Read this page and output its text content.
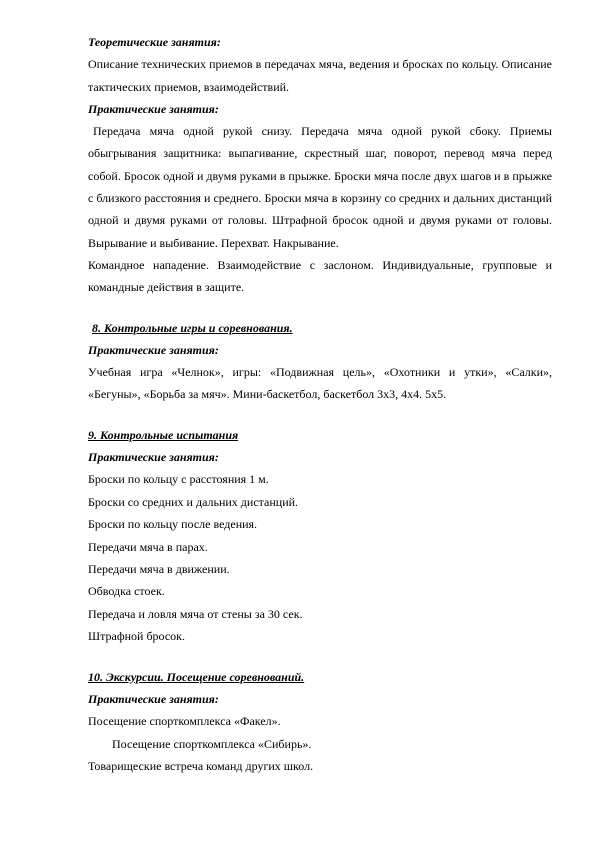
Теоретические занятия:

Описание технических приемов в передачах мяча, ведения и бросках по кольцу. Описание тактических приемов, взаимодействий.

Практические занятия:

Передача мяча одной рукой снизу. Передача мяча одной рукой сбоку. Приемы обыгрывания защитника: выпагивание, скрестный шаг, поворот, перевод мяча перед собой. Бросок одной и двумя руками в прыжке. Броски мяча после двух шагов и в прыжке с близкого расстояния и среднего. Броски мяча в корзину со средних и дальних дистанций одной и двумя руками от головы. Штрафной бросок одной и двумя руками от головы. Вырывание и выбивание. Перехват. Накрывание.

Командное нападение. Взаимодействие с заслоном. Индивидуальные, групповые и командные действия в защите.

8. Контрольные игры и соревнования.

Практические занятия:

Учебная игра «Челнок», игры: «Подвижная цель», «Охотники и утки», «Салки», «Бегуны», «Борьба за мяч». Мини-баскетбол, баскетбол 3х3, 4х4. 5х5.

9. Контрольные испытания

Практические занятия:

Броски по кольцу с расстояния 1 м.

Броски со средних и дальних дистанций.

Броски по кольцу после ведения.

Передачи мяча в парах.

Передачи мяча в движении.

Обводка стоек.

Передача и ловля мяча от стены за 30 сек.

Штрафной бросок.

10. Экскурсии. Посещение соревнований.

Практические занятия:

Посещение спорткомплекса «Факел».

Посещение спорткомплекса «Сибирь».

Товарищеские встреча команд других школ.
